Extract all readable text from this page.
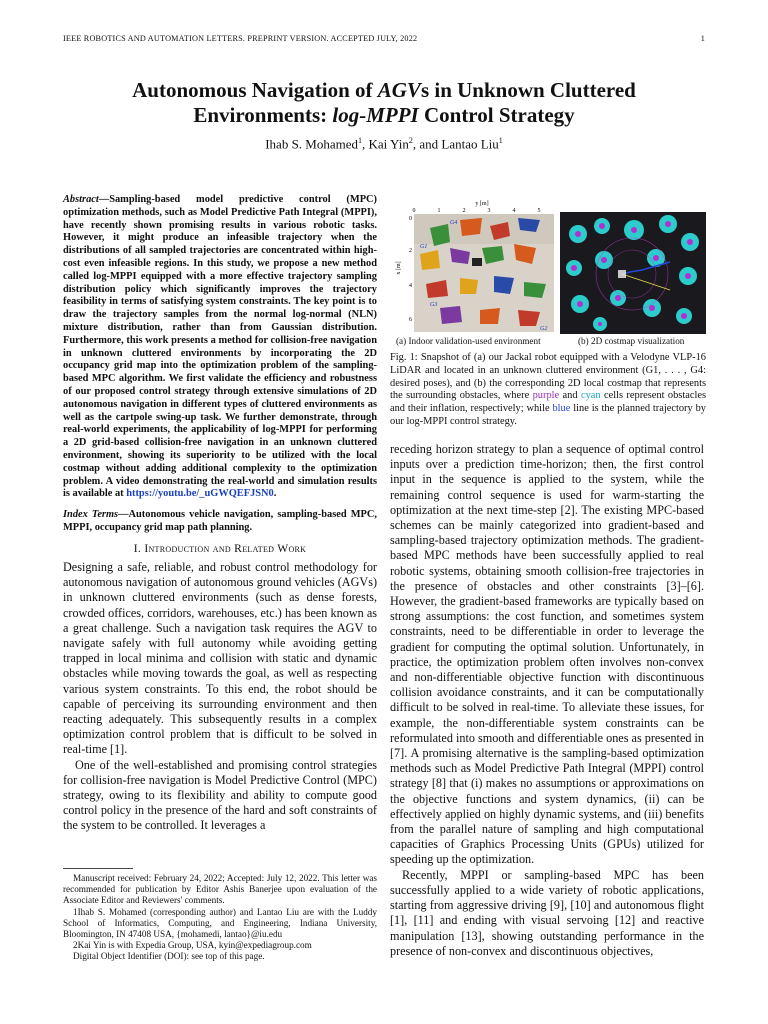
IEEE ROBOTICS AND AUTOMATION LETTERS. PREPRINT VERSION. ACCEPTED JULY, 2022	1
Autonomous Navigation of AGVs in Unknown Cluttered
Environments: log-MPPI Control Strategy
Ihab S. Mohamed$^1$, Kai Yin$^2$, and Lantao Liu$^1$

Abstract—Sampling-based model predictive control (MPC) optimization methods, such as Model Predictive Path Integral (MPPI), have recently shown promising results in various robotic tasks. However, it might produce an infeasible trajectory when the distributions of all sampled trajectories are concentrated within high-cost even infeasible regions. In this study, we propose a new method called log-MPPI equipped with a more effective trajectory sampling distribution policy which significantly improves the trajectory feasibility in terms of satisfying system constraints. The key point is to draw the trajectory samples from the normal log-normal (NLN) mixture distribution, rather than from Gaussian distribution. Furthermore, this work presents a method for collision-free navigation in unknown cluttered environments by incorporating the 2D occupancy grid map into the optimization problem of the sampling-based MPC algorithm. We first validate the efficiency and robustness of our proposed control strategy through extensive simulations of 2D autonomous navigation in different types of cluttered environments as well as the cartpole swing-up task. We further demonstrate, through real-world experiments, the applicability of log-MPPI for performing a 2D grid-based collision-free navigation in an unknown cluttered environment, showing its superiority to be utilized with the local costmap without adding additional complexity to the optimization problem. A video demonstrating the real-world and simulation results is available at https://youtu.be/_uGWQEFJSN0.

Index Terms—Autonomous vehicle navigation, sampling-based MPC, MPPI, occupancy grid map path planning.

I. Introduction and Related Work

Designing a safe, reliable, and robust control methodology for autonomous navigation of autonomous ground vehicles (AGVs) in unknown cluttered environments (such as dense forests, crowded offices, corridors, warehouses, etc.) has been known as a great challenge. Such a navigation task requires the AGV to navigate safely with full autonomy while avoiding getting trapped in local minima and collision with static and dynamic obstacles while moving towards the goal, as well as respecting various system constraints. To this end, the robot should be capable of perceiving its surrounding environment and then reacting adequately. This subsequently results in a complex optimization control problem that is difficult to be solved in real-time [1].

One of the well-established and promising control strategies for collision-free navigation is Model Predictive Control (MPC) strategy, owing to its flexibility and ability to compute good control policy in the presence of the hard and soft constraints of the system to be controlled. It leverages a

Manuscript received: February 24, 2022; Accepted: July 12, 2022. This letter was recommended for publication by Editor Ashis Banerjee upon evaluation of the Associate Editor and Reviewers' comments.

1Ihab S. Mohamed (corresponding author) and Lantao Liu are with the Luddy School of Informatics, Computing, and Engineering, Indiana University, Bloomington, IN 47408 USA, {mohamedi, lantao}@iu.edu

2Kai Yin is with Expedia Group, USA, kyin@expediagroup.com

Digital Object Identifier (DOI): see top of this page.

y [m]
0	1	2	3	4	5
0
2
4
6
x [m]
G1
G2
G3
G4
(a) Indoor validation-used environment	(b) 2D costmap visualization

Fig. 1: Snapshot of (a) our Jackal robot equipped with a Velodyne VLP-16 LiDAR and located in an unknown cluttered environment (G1, . . . , G4: desired poses), and (b) the corresponding 2D local costmap that represents the surrounding obstacles, where purple and cyan cells represent obstacles and their inflation, respectively; while blue line is the planned trajectory by our log-MPPI control strategy.

receding horizon strategy to plan a sequence of optimal control inputs over a prediction time-horizon; then, the first control input in the sequence is applied to the system, while the remaining control sequence is used for warm-starting the optimization at the next time-step [2]. The existing MPC-based schemes can be mainly categorized into gradient-based and sampling-based trajectory optimization methods. The gradient-based MPC methods have been successfully applied to real robotic systems, obtaining smooth collision-free trajectories in the presence of obstacles and other constraints [3]–[6]. However, the gradient-based frameworks are typically based on strong assumptions: the cost function, and sometimes system constraints, need to be differentiable in order to leverage the gradient for computing the optimal solution. Unfortunately, in practice, the optimization problem often involves non-convex and non-differentiable objective function with discontinuous collision avoidance constraints, and it can be computationally difficult to be solved in real-time. To alleviate these issues, for example, the non-differentiable system constraints can be reformulated into smooth and differentiable ones as presented in [7]. A promising alternative is the sampling-based optimization methods such as Model Predictive Path Integral (MPPI) control strategy [8] that (i) makes no assumptions or approximations on the objective functions and system dynamics, (ii) can be effectively applied on highly dynamic systems, and (iii) benefits from the parallel nature of sampling and high computational capacities of Graphics Processing Units (GPUs) utilized for speeding up the optimization.

Recently, MPPI or sampling-based MPC has been successfully applied to a wide variety of robotic applications, starting from aggressive driving [9], [10] and autonomous flight [1], [11] and ending with visual servoing [12] and reactive manipulation [13], showing outstanding performance in the presence of non-convex and discontinuous objectives,
